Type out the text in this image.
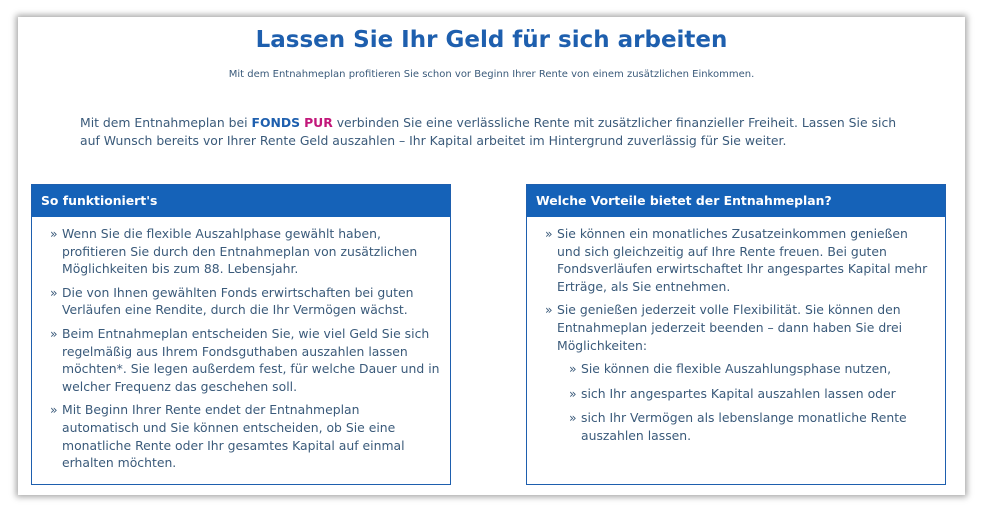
Lassen Sie Ihr Geld für sich arbeiten
Mit dem Entnahmeplan profitieren Sie schon vor Beginn Ihrer Rente von einem zusätzlichen Einkommen.
Mit dem Entnahmeplan bei FONDS PUR verbinden Sie eine verlässliche Rente mit zusätzlicher finanzieller Freiheit. Lassen Sie sich auf Wunsch bereits vor Ihrer Rente Geld auszahlen – Ihr Kapital arbeitet im Hintergrund zuverlässig für Sie weiter.
So funktioniert's
» Wenn Sie die flexible Auszahlphase gewählt haben, profitieren Sie durch den Entnahmeplan von zusätzlichen Möglichkeiten bis zum 88. Lebensjahr.
» Die von Ihnen gewählten Fonds erwirtschaften bei guten Verläufen eine Rendite, durch die Ihr Vermögen wächst.
» Beim Entnahmeplan entscheiden Sie, wie viel Geld Sie sich regelmäßig aus Ihrem Fondsguthaben auszahlen lassen möchten*. Sie legen außerdem fest, für welche Dauer und in welcher Frequenz das geschehen soll.
» Mit Beginn Ihrer Rente endet der Entnahmeplan automatisch und Sie können entscheiden, ob Sie eine monatliche Rente oder Ihr gesamtes Kapital auf einmal erhalten möchten.
Welche Vorteile bietet der Entnahmeplan?
» Sie können ein monatliches Zusatzeinkommen genießen und sich gleichzeitig auf Ihre Rente freuen. Bei guten Fondsverläufen erwirtschaftet Ihr angespartes Kapital mehr Erträge, als Sie entnehmen.
» Sie genießen jederzeit volle Flexibilität. Sie können den Entnahmeplan jederzeit beenden – dann haben Sie drei Möglichkeiten:
» Sie können die flexible Auszahlungsphase nutzen,
» sich Ihr angespartes Kapital auszahlen lassen oder
» sich Ihr Vermögen als lebenslange monatliche Rente auszahlen lassen.
